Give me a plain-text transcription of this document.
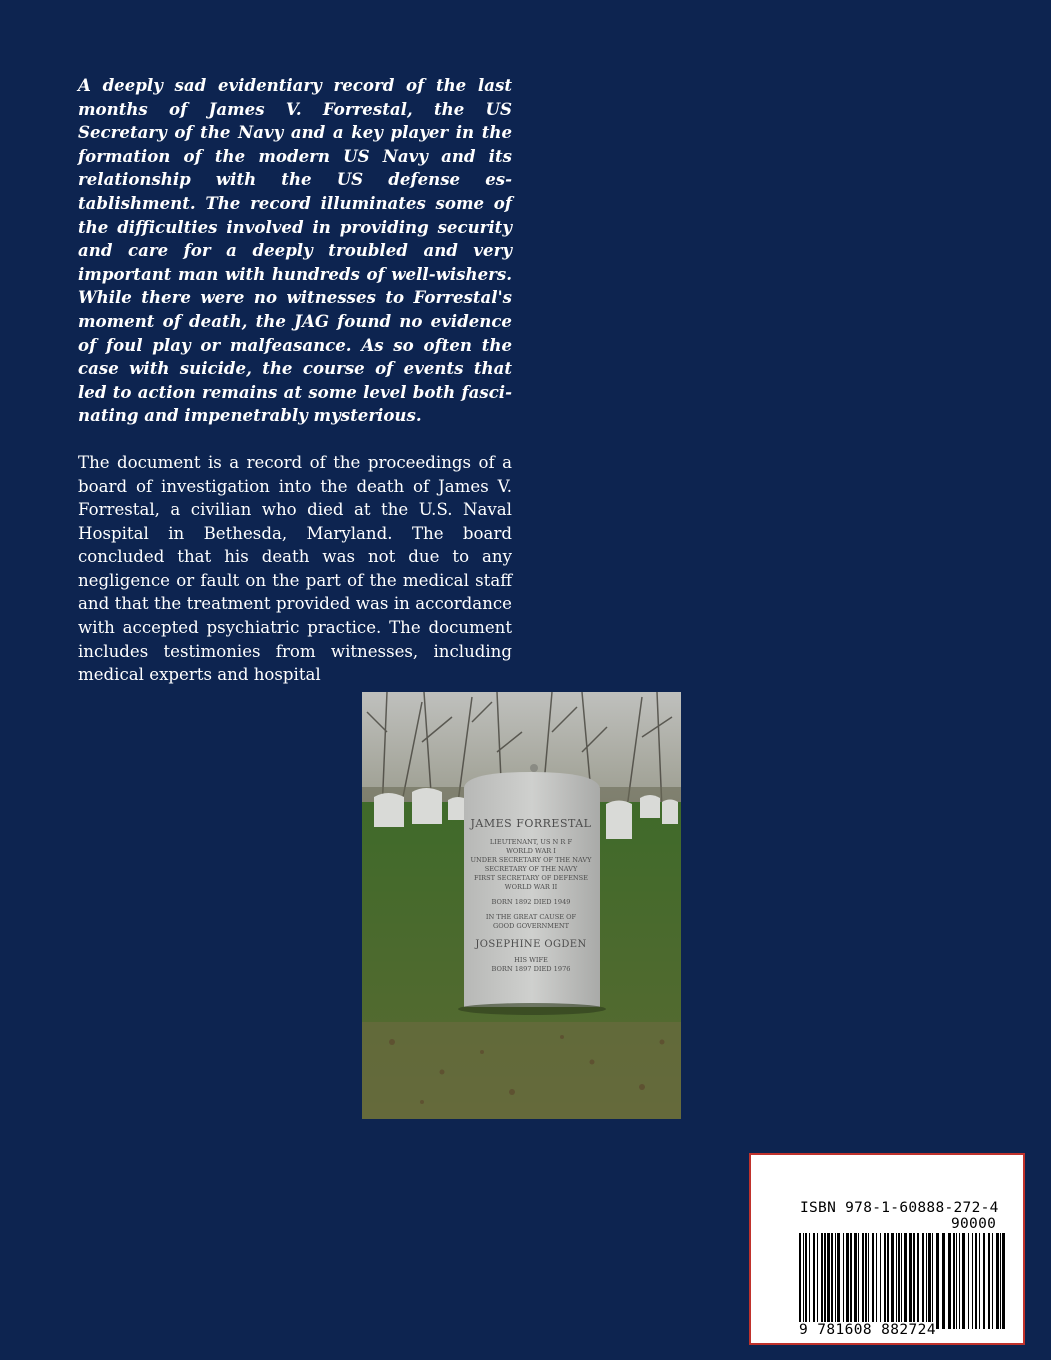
A deeply sad evidentiary record of the last months of James V. Forrestal, the US Secretary of the Navy and a key player in the formation of the modern US Navy and its relationship with the US defense establishment. The record illuminates some of the difficulties involved in providing security and care for a deeply troubled and very important man with hundreds of well-wishers. While there were no witnesses to Forrestal's moment of death, the JAG found no evidence of foul play or malfeasance. As so often the case with suicide, the course of events that led to action remains at some level both fascinating and impenetrably mysterious.

The document is a record of the proceedings of a board of investigation into the death of James V. Forrestal, a civilian who died at the U.S. Naval Hospital in Bethesda, Maryland. The board concluded that his death was not due to any negligence or fault on the part of the medical staff and that the treatment provided was in accordance with accepted psychiatric practice. The document includes testimonies from witnesses, including medical experts and hospital

JAMES FORRESTAL
LIEUTENANT, US N R F
WORLD WAR I
UNDER SECRETARY OF THE NAVY
SECRETARY OF THE NAVY
FIRST SECRETARY OF DEFENSE
WORLD WAR II
BORN 1892 DIED 1949
IN THE GREAT CAUSE OF
GOOD GOVERNMENT
JOSEPHINE OGDEN
HIS WIFE
BORN 1897 DIED 1976
ISBN 978-1-60888-272-4
90000
9 781608 882724
